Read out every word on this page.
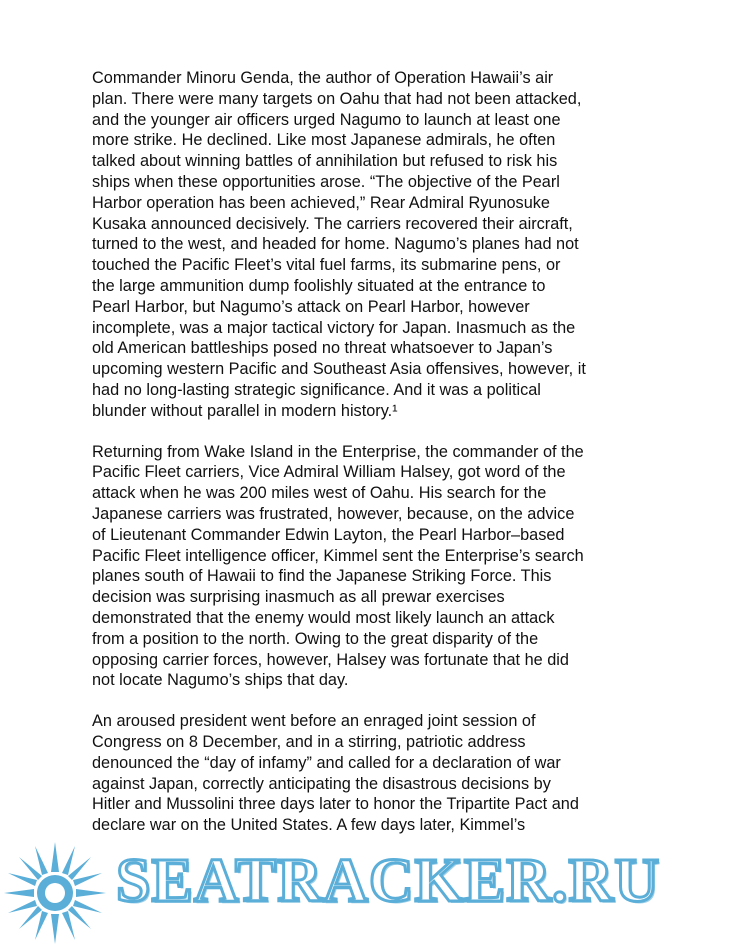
Commander Minoru Genda, the author of Operation Hawaii’s air
plan. There were many targets on Oahu that had not been attacked,
and the younger air officers urged Nagumo to launch at least one
more strike. He declined. Like most Japanese admirals, he often
talked about winning battles of annihilation but refused to risk his
ships when these opportunities arose. “The objective of the Pearl
Harbor operation has been achieved,” Rear Admiral Ryunosuke
Kusaka announced decisively. The carriers recovered their aircraft,
turned to the west, and headed for home. Nagumo’s planes had not
touched the Pacific Fleet’s vital fuel farms, its submarine pens, or
the large ammunition dump foolishly situated at the entrance to
Pearl Harbor, but Nagumo’s attack on Pearl Harbor, however
incomplete, was a major tactical victory for Japan. Inasmuch as the
old American battleships posed no threat whatsoever to Japan’s
upcoming western Pacific and Southeast Asia offensives, however, it
had no long-lasting strategic significance. And it was a political
blunder without parallel in modern history.¹

Returning from Wake Island in the Enterprise, the commander of the
Pacific Fleet carriers, Vice Admiral William Halsey, got word of the
attack when he was 200 miles west of Oahu. His search for the
Japanese carriers was frustrated, however, because, on the advice
of Lieutenant Commander Edwin Layton, the Pearl Harbor–based
Pacific Fleet intelligence officer, Kimmel sent the Enterprise’s search
planes south of Hawaii to find the Japanese Striking Force. This
decision was surprising inasmuch as all prewar exercises
demonstrated that the enemy would most likely launch an attack
from a position to the north. Owing to the great disparity of the
opposing carrier forces, however, Halsey was fortunate that he did
not locate Nagumo’s ships that day.

An aroused president went before an enraged joint session of
Congress on 8 December, and in a stirring, patriotic address
denounced the “day of infamy” and called for a declaration of war
against Japan, correctly anticipating the disastrous decisions by
Hitler and Mussolini three days later to honor the Tripartite Pact and
declare war on the United States. A few days later, Kimmel’s

SEATRACKER.RU
